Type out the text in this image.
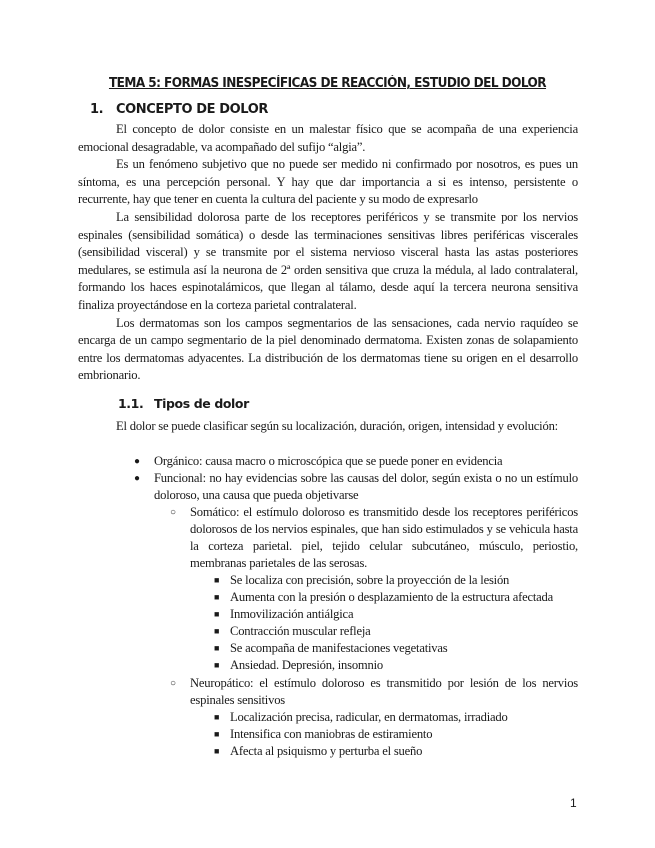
TEMA 5: FORMAS INESPECÍFICAS DE REACCIÓN, ESTUDIO DEL DOLOR
1. CONCEPTO DE DOLOR

El concepto de dolor consiste en un malestar físico que se acompaña de una experiencia emocional desagradable, va acompañado del sufijo “algia”.

Es un fenómeno subjetivo que no puede ser medido ni confirmado por nosotros, es pues un síntoma, es una percepción personal. Y hay que dar importancia a si es intenso, persistente o recurrente, hay que tener en cuenta la cultura del paciente y su modo de expresarlo

La sensibilidad dolorosa parte de los receptores periféricos y se transmite por los nervios espinales (sensibilidad somática) o desde las terminaciones sensitivas libres periféricas viscerales (sensibilidad visceral) y se transmite por el sistema nervioso visceral hasta las astas posteriores medulares, se estimula así la neurona de 2ª orden sensitiva que cruza la médula, al lado contralateral, formando los haces espinotalámicos, que llegan al tálamo, desde aquí la tercera neurona sensitiva finaliza proyectándose en la corteza parietal contralateral.

Los dermatomas son los campos segmentarios de las sensaciones, cada nervio raquídeo se encarga de un campo segmentario de la piel denominado dermatoma. Existen zonas de solapamiento entre los dermatomas adyacentes. La distribución de los dermatomas tiene su origen en el desarrollo embrionario.

1.1. Tipos de dolor

El dolor se puede clasificar según su localización, duración, origen, intensidad y evolución:

● Orgánico: causa macro o microscópica que se puede poner en evidencia
● Funcional: no hay evidencias sobre las causas del dolor, según exista o no un estímulo doloroso, una causa que pueda objetivarse
○ Somático: el estímulo doloroso es transmitido desde los receptores periféricos dolorosos de los nervios espinales, que han sido estimulados y se vehicula hasta la corteza parietal. piel, tejido celular subcutáneo, músculo, periostio, membranas parietales de las serosas.
■ Se localiza con precisión, sobre la proyección de la lesión
■ Aumenta con la presión o desplazamiento de la estructura afectada
■ Inmovilización antiálgica
■ Contracción muscular refleja
■ Se acompaña de manifestaciones vegetativas
■ Ansiedad. Depresión, insomnio
○ Neuropático: el estímulo doloroso es transmitido por lesión de los nervios espinales sensitivos
■ Localización precisa, radicular, en dermatomas, irradiado
■ Intensifica con maniobras de estiramiento
■ Afecta al psiquismo y perturba el sueño
1
